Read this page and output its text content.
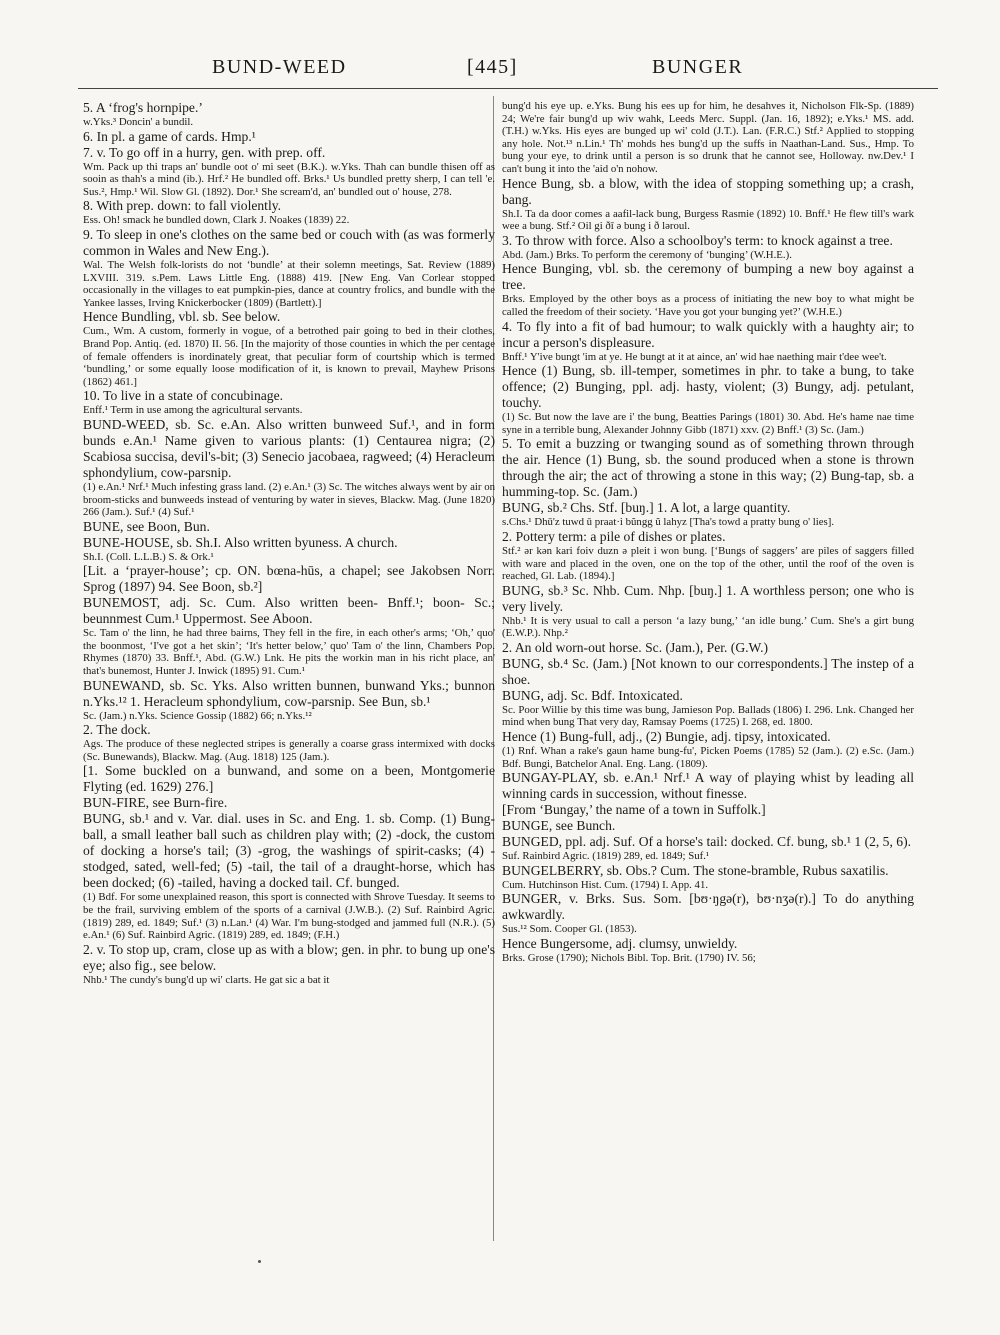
BUND-WEED	[445]	BUNGER

5. A ‘frog's hornpipe.’

w.Yks.³ Doncin' a bundil.

6. In pl. a game of cards. Hmp.¹

7. v. To go off in a hurry, gen. with prep. off.

Wm. Pack up thi traps an' bundle oot o' mi seet (B.K.). w.Yks. Thah can bundle thisen off as sooin as thah's a mind (ib.). Hrf.² He bundled off. Brks.¹ Us bundled pretty sherp, I can tell 'e. Sus.², Hmp.¹ Wil. Slow Gl. (1892). Dor.¹ She scream'd, an' bundled out o' house, 278.

8. With prep. down: to fall violently.

Ess. Oh! smack he bundled down, Clark J. Noakes (1839) 22.

9. To sleep in one's clothes on the same bed or couch with (as was formerly common in Wales and New Eng.).

Wal. The Welsh folk-lorists do not ‘bundle’ at their solemn meetings, Sat. Review (1889) LXVIII. 319. s.Pem. Laws Little Eng. (1888) 419. [New Eng. Van Corlear stopped occasionally in the villages to eat pumpkin-pies, dance at country frolics, and bundle with the Yankee lasses, Irving Knickerbocker (1809) (Bartlett).]

Hence Bundling, vbl. sb. See below.

Cum., Wm. A custom, formerly in vogue, of a betrothed pair going to bed in their clothes, Brand Pop. Antiq. (ed. 1870) II. 56. [In the majority of those counties in which the per centage of female offenders is inordinately great, that peculiar form of courtship which is termed ‘bundling,’ or some equally loose modification of it, is known to prevail, Mayhew Prisons (1862) 461.]

10. To live in a state of concubinage.

Enff.¹ Term in use among the agricultural servants.

BUND-WEED, sb. Sc. e.An. Also written bunweed Suf.¹, and in form bunds e.An.¹ Name given to various plants: (1) Centaurea nigra; (2) Scabiosa succisa, devil's-bit; (3) Senecio jacobaea, ragweed; (4) Heracleum sphondylium, cow-parsnip.

(1) e.An.¹ Nrf.¹ Much infesting grass land. (2) e.An.¹ (3) Sc. The witches always went by air on broom-sticks and bunweeds instead of venturing by water in sieves, Blackw. Mag. (June 1820) 266 (Jam.). Suf.¹ (4) Suf.¹

BUNE, see Boon, Bun.

BUNE-HOUSE, sb. Sh.I. Also written byuness. A church.

Sh.I. (Coll. L.L.B.) S. & Ork.¹

[Lit. a ‘prayer-house’; cp. ON. bœna-hūs, a chapel; see Jakobsen Norr. Sprog (1897) 94. See Boon, sb.²]

BUNEMOST, adj. Sc. Cum. Also written been- Bnff.¹; boon- Sc.; beunnmest Cum.¹ Uppermost. See Aboon.

Sc. Tam o' the linn, he had three bairns, They fell in the fire, in each other's arms; ‘Oh,’ quo' the boonmost, ‘I've got a het skin’; ‘It's hetter below,’ quo' Tam o' the linn, Chambers Pop. Rhymes (1870) 33. Bnff.¹, Abd. (G.W.) Lnk. He pits the workin man in his richt place, an' that's bunemost, Hunter J. Inwick (1895) 91. Cum.¹

BUNEWAND, sb. Sc. Yks. Also written bunnen, bunwand Yks.; bunnon n.Yks.¹² 1. Heracleum sphondylium, cow-parsnip. See Bun, sb.¹

Sc. (Jam.) n.Yks. Science Gossip (1882) 66; n.Yks.¹²

2. The dock.

Ags. The produce of these neglected stripes is generally a coarse grass intermixed with docks (Sc. Bunewands), Blackw. Mag. (Aug. 1818) 125 (Jam.).

[1. Some buckled on a bunwand, and some on a been, Montgomerie Flyting (ed. 1629) 276.]

BUN-FIRE, see Burn-fire.

BUNG, sb.¹ and v. Var. dial. uses in Sc. and Eng. 1. sb. Comp. (1) Bung-ball, a small leather ball such as children play with; (2) -dock, the custom of docking a horse's tail; (3) -grog, the washings of spirit-casks; (4) -stodged, sated, well-fed; (5) -tail, the tail of a draught-horse, which has been docked; (6) -tailed, having a docked tail. Cf. bunged.

(1) Bdf. For some unexplained reason, this sport is connected with Shrove Tuesday. It seems to be the frail, surviving emblem of the sports of a carnival (J.W.B.). (2) Suf. Rainbird Agric. (1819) 289, ed. 1849; Suf.¹ (3) n.Lan.¹ (4) War. I'm bung-stodged and jammed full (N.R.). (5) e.An.¹ (6) Suf. Rainbird Agric. (1819) 289, ed. 1849; (F.H.)

2. v. To stop up, cram, close up as with a blow; gen. in phr. to bung up one's eye; also fig., see below.

Nhb.¹ The cundy's bung'd up wi' clarts. He gat sic a bat it

bung'd his eye up. e.Yks. Bung his ees up for him, he desahves it, Nicholson Flk-Sp. (1889) 24; We're fair bung'd up wiv wahk, Leeds Merc. Suppl. (Jan. 16, 1892); e.Yks.¹ MS. add. (T.H.) w.Yks. His eyes are bunged up wi' cold (J.T.). Lan. (F.R.C.) Stf.² Applied to stopping any hole. Not.¹³ n.Lin.¹ Th' mohds hes bung'd up the suffs in Naathan-Land. Sus., Hmp. To bung your eye, to drink until a person is so drunk that he cannot see, Holloway. nw.Dev.¹ I can't bung it into the 'aid o'n nohow.

Hence Bung, sb. a blow, with the idea of stopping something up; a crash, bang.

Sh.I. Ta da door comes a aafil-lack bung, Burgess Rasmie (1892) 10. Bnff.¹ He flew till's wark wee a bung. Stf.² Oil gi ðī ə bung i ð ləroul.

3. To throw with force. Also a schoolboy's term: to knock against a tree.

Abd. (Jam.) Brks. To perform the ceremony of ‘bunging’ (W.H.E.).

Hence Bunging, vbl. sb. the ceremony of bumping a new boy against a tree.

Brks. Employed by the other boys as a process of initiating the new boy to what might be called the freedom of their society. ‘Have you got your bunging yet?’ (W.H.E.)

4. To fly into a fit of bad humour; to walk quickly with a haughty air; to incur a person's displeasure.

Bnff.¹ Y'ive bungt 'im at ye. He bungt at it at aince, an' wid hae naething mair t'dee wee't.

Hence (1) Bung, sb. ill-temper, sometimes in phr. to take a bung, to take offence; (2) Bunging, ppl. adj. hasty, violent; (3) Bungy, adj. petulant, touchy.

(1) Sc. But now the lave are i' the bung, Beatties Parings (1801) 30. Abd. He's hame nae time syne in a terrible bung, Alexander Johnny Gibb (1871) xxv. (2) Bnff.¹ (3) Sc. (Jam.)

5. To emit a buzzing or twanging sound as of something thrown through the air. Hence (1) Bung, sb. the sound produced when a stone is thrown through the air; the act of throwing a stone in this way; (2) Bung-tap, sb. a humming-top. Sc. (Jam.)

BUNG, sb.² Chs. Stf. [buŋ.] 1. A lot, a large quantity.

s.Chs.¹ Dhū'z tuwd ū praat·i bŭngg ŭ lahyz [Tha's towd a pratty bung o' lies].

2. Pottery term: a pile of dishes or plates.

Stf.² ər kən kari foiv duzn ə pleit i won bung. [‘Bungs of saggers’ are piles of saggers filled with ware and placed in the oven, one on the top of the other, until the roof of the oven is reached, Gl. Lab. (1894).]

BUNG, sb.³ Sc. Nhb. Cum. Nhp. [buŋ.] 1. A worthless person; one who is very lively.

Nhb.¹ It is very usual to call a person ‘a lazy bung,’ ‘an idle bung.’ Cum. She's a girt bung (E.W.P.). Nhp.²

2. An old worn-out horse. Sc. (Jam.), Per. (G.W.)

BUNG, sb.⁴ Sc. (Jam.) [Not known to our correspondents.] The instep of a shoe.

BUNG, adj. Sc. Bdf. Intoxicated.

Sc. Poor Willie by this time was bung, Jamieson Pop. Ballads (1806) I. 296. Lnk. Changed her mind when bung That very day, Ramsay Poems (1725) I. 268, ed. 1800.

Hence (1) Bung-full, adj., (2) Bungie, adj. tipsy, intoxicated.

(1) Rnf. Whan a rake's gaun hame bung-fu', Picken Poems (1785) 52 (Jam.). (2) e.Sc. (Jam.) Bdf. Bungi, Batchelor Anal. Eng. Lang. (1809).

BUNGAY-PLAY, sb. e.An.¹ Nrf.¹ A way of playing whist by leading all winning cards in succession, without finesse.

[From ‘Bungay,’ the name of a town in Suffolk.]

BUNGE, see Bunch.

BUNGED, ppl. adj. Suf. Of a horse's tail: docked. Cf. bung, sb.¹ 1 (2, 5, 6).

Suf. Rainbird Agric. (1819) 289, ed. 1849; Suf.¹

BUNGELBERRY, sb. Obs.? Cum. The stone-bramble, Rubus saxatilis.

Cum. Hutchinson Hist. Cum. (1794) I. App. 41.

BUNGER, v. Brks. Sus. Som. [bʊ·ŋgə(r), bʊ·nʒə(r).] To do anything awkwardly.

Sus.¹² Som. Cooper Gl. (1853).

Hence Bungersome, adj. clumsy, unwieldy.

Brks. Grose (1790); Nichols Bibl. Top. Brit. (1790) IV. 56;
